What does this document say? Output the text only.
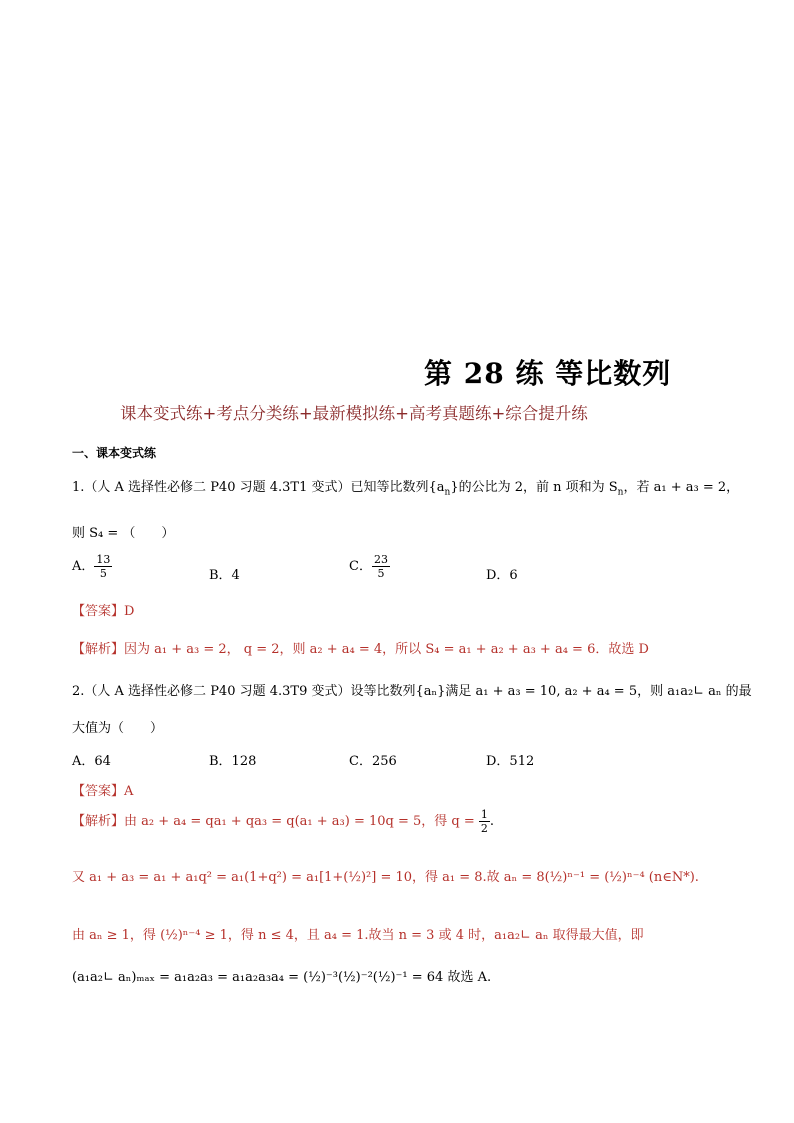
第 28 练 等比数列
课本变式练+考点分类练+最新模拟练+高考真题练+综合提升练
一、课本变式练
1.（人 A 选择性必修二 P40 习题 4.3T1 变式）已知等比数列$\{a_n\}$的公比为 2，前 n 项和为 $S_n$，若 a₁ + a₃ = 2，
则 S₄ = （　　）
A． $\frac{13}{5}$	B．4
C． $\frac{23}{5}$	D．6
【答案】D
【解析】因为 a₁ + a₃ = 2， q = 2，则 a₂ + a₄ = 4，所以 S₄ = a₁ + a₂ + a₃ + a₄ = 6．故选 D
2.（人 A 选择性必修二 P40 习题 4.3T9 变式）设等比数列{aₙ}满足 a₁ + a₃ = 10, a₂ + a₄ = 5，则 a₁a₂∟ aₙ 的最
大值为（　　）
A．64	B．128	C．256	D．512
【答案】A
【解析】由 a₂ + a₄ = qa₁ + qa₃ = q(a₁ + a₃) = 10q = 5，得 $q = \frac{1}{2}$ .
又 a₁ + a₃ = a₁ + a₁q² = a₁(1+q²) = a₁[1+(½)²] = 10，得 a₁ = 8.故 aₙ = 8(½)ⁿ⁻¹ = (½)ⁿ⁻⁴ (n∈N*).
由 aₙ ≥ 1，得 (½)ⁿ⁻⁴ ≥ 1，得 n ≤ 4，且 a₄ = 1.故当 n = 3 或 4 时，a₁a₂∟ aₙ 取得最大值，即
(a₁a₂∟ aₙ)ₘₐₓ = a₁a₂a₃ = a₁a₂a₃a₄ = (½)⁻³(½)⁻²(½)⁻¹ = 64 故选 A.
